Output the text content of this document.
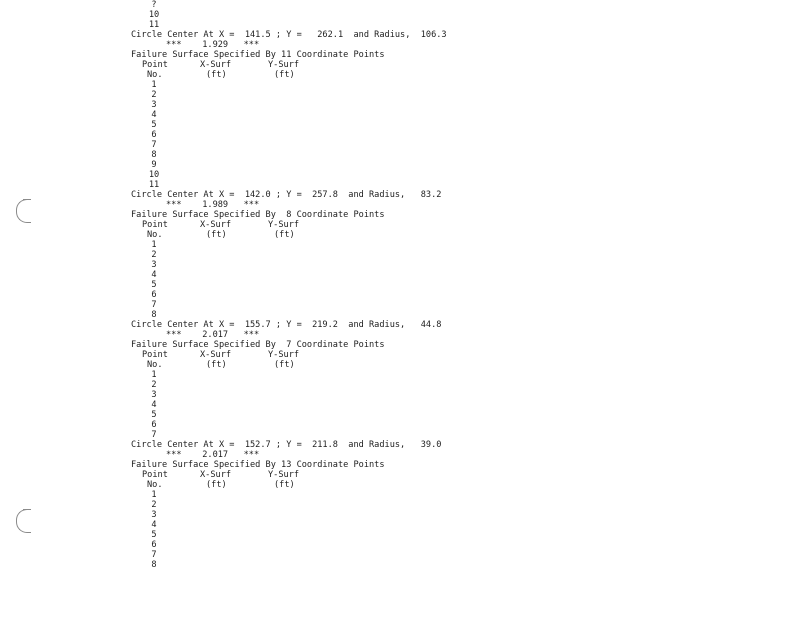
?
10
11
Circle Center At X =  141.5 ; Y =   262.1  and Radius,  106.3
***    1.929   ***
Failure Surface Specified By 11 Coordinate Points
Point	X-Surf	Y-Surf
No.	(ft)	(ft)
1
2
3
4
5
6
7
8
9
10
11
Circle Center At X =  142.0 ; Y =  257.8  and Radius,   83.2
***    1.989   ***
Failure Surface Specified By  8 Coordinate Points
Point	X-Surf	Y-Surf
No.	(ft)	(ft)
1
2
3
4
5
6
7
8
Circle Center At X =  155.7 ; Y =  219.2  and Radius,   44.8
***    2.017   ***
Failure Surface Specified By  7 Coordinate Points
Point	X-Surf	Y-Surf
No.	(ft)	(ft)
1
2
3
4
5
6
7
Circle Center At X =  152.7 ; Y =  211.8  and Radius,   39.0
***    2.017   ***
Failure Surface Specified By 13 Coordinate Points
Point	X-Surf	Y-Surf
No.	(ft)	(ft)
1
2
3
4
5
6
7
8
